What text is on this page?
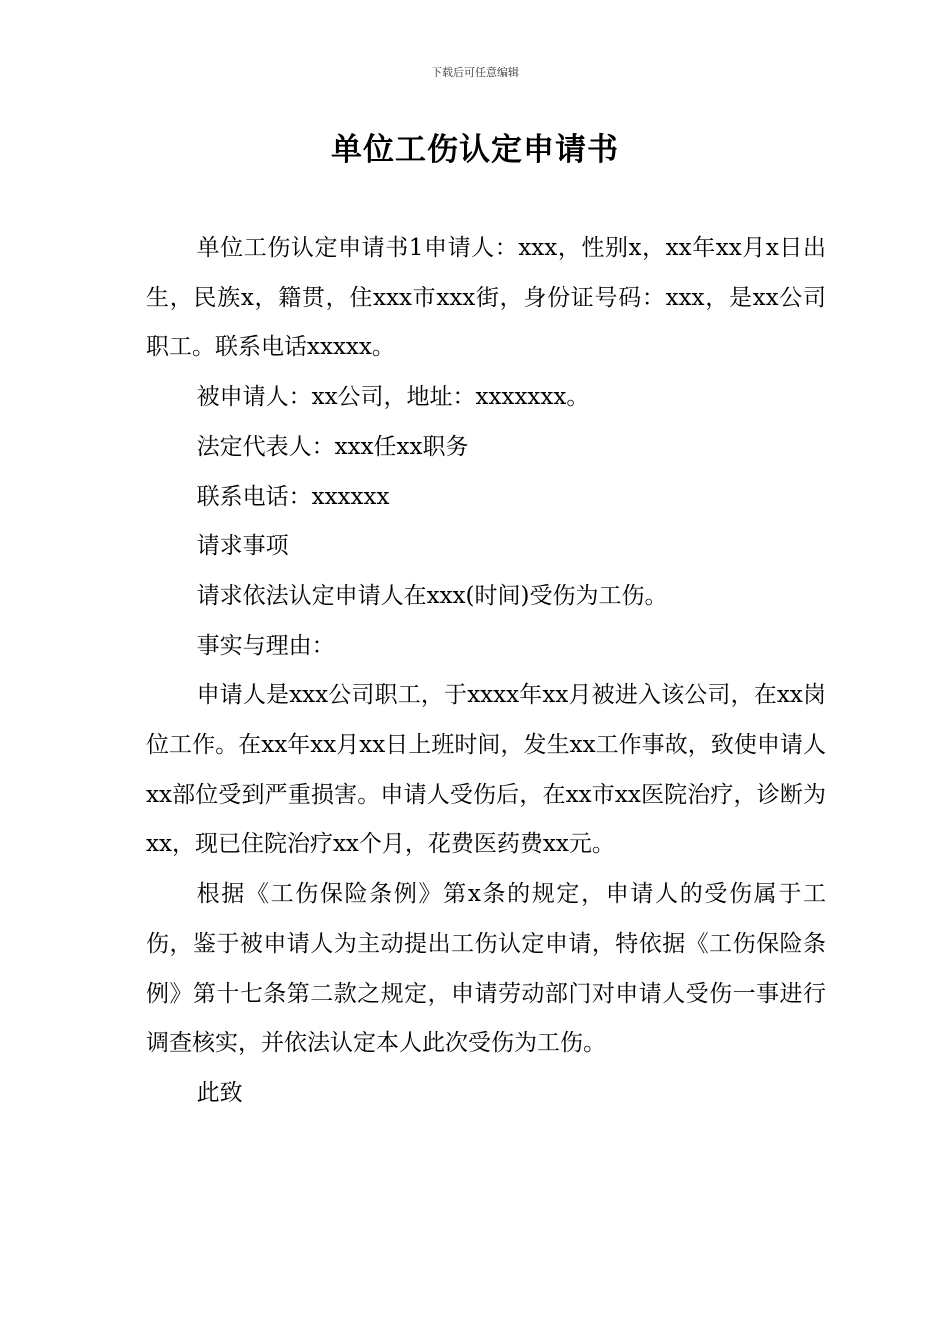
下载后可任意编辑
单位工伤认定申请书

单位工伤认定申请书1申请人：xxx，性别x，xx年xx月x日出生，民族x，籍贯，住xxx市xxx街，身份证号码：xxx，是xx公司职工。联系电话xxxxx。

被申请人：xx公司，地址：xxxxxxx。

法定代表人：xxx任xx职务

联系电话：xxxxxx

请求事项

请求依法认定申请人在xxx(时间)受伤为工伤。

事实与理由：

申请人是xxx公司职工，于xxxx年xx月被进入该公司，在xx岗位工作。在xx年xx月xx日上班时间，发生xx工作事故，致使申请人xx部位受到严重损害。申请人受伤后，在xx市xx医院治疗，诊断为xx，现已住院治疗xx个月，花费医药费xx元。

根据《工伤保险条例》第x条的规定，申请人的受伤属于工伤，鉴于被申请人为主动提出工伤认定申请，特依据《工伤保险条例》第十七条第二款之规定，申请劳动部门对申请人受伤一事进行调查核实，并依法认定本人此次受伤为工伤。

此致
